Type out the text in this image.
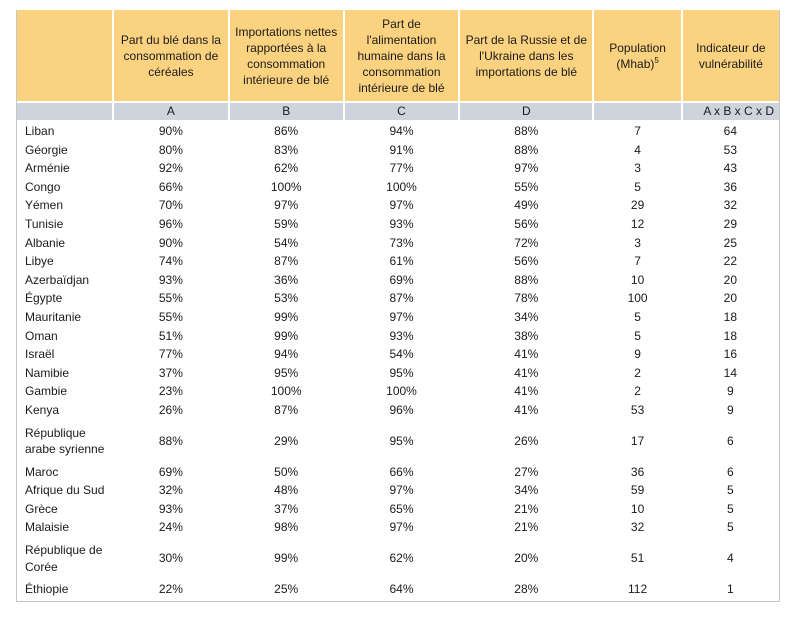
	Part du blé dans la consommation de céréales	Importations nettes rapportées à la consommation intérieure de blé	Part de l'alimentation humaine dans la consommation intérieure de blé	Part de la Russie et de l'Ukraine dans les importations de blé	Population (Mhab)$^5$	Indicateur de vulnérabilité
	A	B	C	D		A x B x C x D
Liban	90%	86%	94%	88%	7	64
Géorgie	80%	83%	91%	88%	4	53
Arménie	92%	62%	77%	97%	3	43
Congo	66%	100%	100%	55%	5	36
Yémen	70%	97%	97%	49%	29	32
Tunisie	96%	59%	93%	56%	12	29
Albanie	90%	54%	73%	72%	3	25
Libye	74%	87%	61%	56%	7	22
Azerbaïdjan	93%	36%	69%	88%	10	20
Égypte	55%	53%	87%	78%	100	20
Mauritanie	55%	99%	97%	34%	5	18
Oman	51%	99%	93%	38%	5	18
Israël	77%	94%	54%	41%	9	16
Namibie	37%	95%	95%	41%	2	14
Gambie	23%	100%	100%	41%	2	9
Kenya	26%	87%	96%	41%	53	9
République arabe syrienne	88%	29%	95%	26%	17	6
Maroc	69%	50%	66%	27%	36	6
Afrique du Sud	32%	48%	97%	34%	59	5
Grèce	93%	37%	65%	21%	10	5
Malaisie	24%	98%	97%	21%	32	5
République de Corée	30%	99%	62%	20%	51	4
Éthiopie	22%	25%	64%	28%	112	1
